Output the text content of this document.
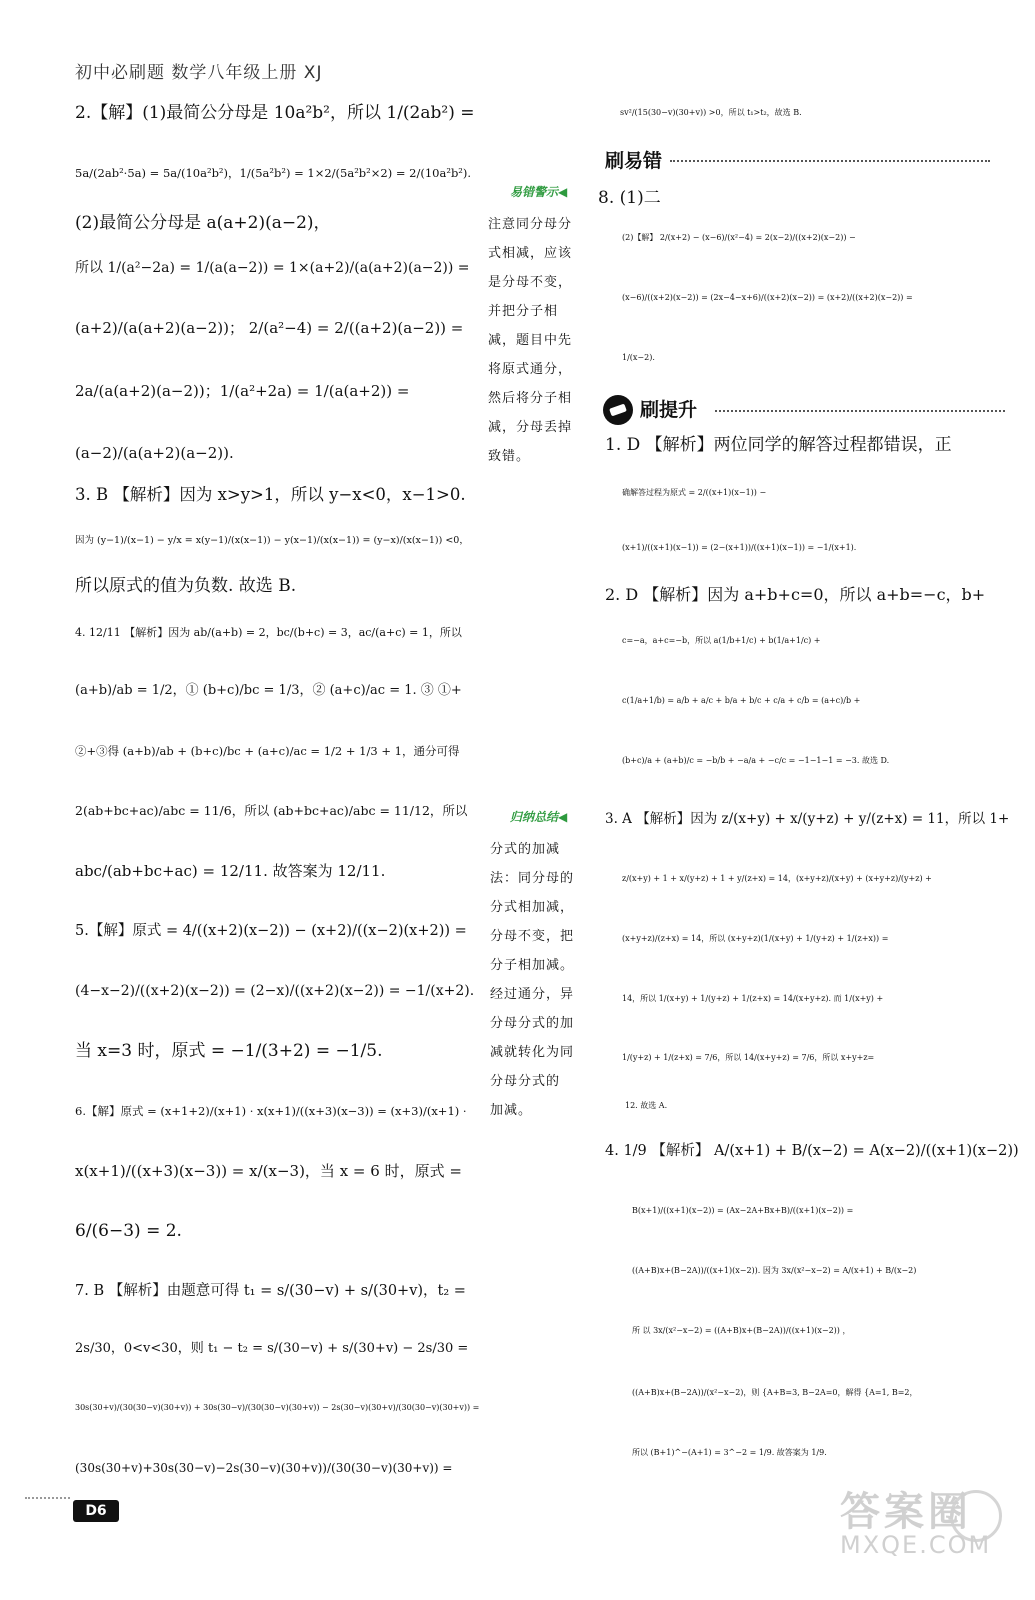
初中必刷题 数学八年级上册 XJ
2.【解】(1)最简公分母是 10a²b²，所以 1/(2ab²) =
5a/(2ab²·5a) = 5a/(10a²b²)，1/(5a²b²) = 1×2/(5a²b²×2) = 2/(10a²b²).
(2)最简公分母是 a(a+2)(a−2)，
所以 1/(a²−2a) = 1/(a(a−2)) = 1×(a+2)/(a(a+2)(a−2)) =
(a+2)/(a(a+2)(a−2))； 2/(a²−4) = 2/((a+2)(a−2)) =
2a/(a(a+2)(a−2))；1/(a²+2a) = 1/(a(a+2)) =
(a−2)/(a(a+2)(a−2)).
3. B 【解析】因为 x>y>1，所以 y−x<0，x−1>0.
因为 (y−1)/(x−1) − y/x = x(y−1)/(x(x−1)) − y(x−1)/(x(x−1)) = (y−x)/(x(x−1)) <0，
所以原式的值为负数. 故选 B.
4. 12/11 【解析】因为 ab/(a+b) = 2，bc/(b+c) = 3，ac/(a+c) = 1，所以
(a+b)/ab = 1/2，① (b+c)/bc = 1/3，② (a+c)/ac = 1. ③ ①+
②+③得 (a+b)/ab + (b+c)/bc + (a+c)/ac = 1/2 + 1/3 + 1，通分可得
2(ab+bc+ac)/abc = 11/6，所以 (ab+bc+ac)/abc = 11/12，所以
abc/(ab+bc+ac) = 12/11. 故答案为 12/11.
5.【解】原式 = 4/((x+2)(x−2)) − (x+2)/((x−2)(x+2)) =
(4−x−2)/((x+2)(x−2)) = (2−x)/((x+2)(x−2)) = −1/(x+2).
当 x=3 时，原式 = −1/(3+2) = −1/5.
6.【解】原式 = (x+1+2)/(x+1) · x(x+1)/((x+3)(x−3)) = (x+3)/(x+1) ·
x(x+1)/((x+3)(x−3)) = x/(x−3)，当 x = 6 时，原式 =
6/(6−3) = 2.
7. B 【解析】由题意可得 t₁ = s/(30−v) + s/(30+v)，t₂ =
2s/30，0<v<30，则 t₁ − t₂ = s/(30−v) + s/(30+v) − 2s/30 =
30s(30+v)/(30(30−v)(30+v)) + 30s(30−v)/(30(30−v)(30+v)) − 2s(30−v)(30+v)/(30(30−v)(30+v)) =
(30s(30+v)+30s(30−v)−2s(30−v)(30+v))/(30(30−v)(30+v)) =
易错警示◀
注意同分母分
式相减，应该
是分母不变，
并把分子相
减，题目中先
将原式通分，
然后将分子相
减，分母丢掉
致错。
归纳总结◀
分式的加减
法：同分母的
分式相加减，
分母不变，把
分子相加减。
经过通分，异
分母分式的加
减就转化为同
分母分式的
加减。
sv²/(15(30−v)(30+v)) >0，所以 t₁>t₂，故选 B.
刷易错
8. (1)二
(2)【解】 2/(x+2) − (x−6)/(x²−4) = 2(x−2)/((x+2)(x−2)) −
(x−6)/((x+2)(x−2)) = (2x−4−x+6)/((x+2)(x−2)) = (x+2)/((x+2)(x−2)) =
1/(x−2).
刷提升
1. D 【解析】两位同学的解答过程都错误，正
确解答过程为原式 = 2/((x+1)(x−1)) −
(x+1)/((x+1)(x−1)) = (2−(x+1))/((x+1)(x−1)) = −1/(x+1).
2. D 【解析】因为 a+b+c=0，所以 a+b=−c，b+
c=−a，a+c=−b，所以 a(1/b+1/c) + b(1/a+1/c) +
c(1/a+1/b) = a/b + a/c + b/a + b/c + c/a + c/b = (a+c)/b +
(b+c)/a + (a+b)/c = −b/b + −a/a + −c/c = −1−1−1 = −3. 故选 D.
3. A 【解析】因为 z/(x+y) + x/(y+z) + y/(z+x) = 11，所以 1+
z/(x+y) + 1 + x/(y+z) + 1 + y/(z+x) = 14，(x+y+z)/(x+y) + (x+y+z)/(y+z) +
(x+y+z)/(z+x) = 14，所以 (x+y+z)(1/(x+y) + 1/(y+z) + 1/(z+x)) =
14，所以 1/(x+y) + 1/(y+z) + 1/(z+x) = 14/(x+y+z). 而 1/(x+y) +
1/(y+z) + 1/(z+x) = 7/6，所以 14/(x+y+z) = 7/6，所以 x+y+z=
12. 故选 A.
4. 1/9 【解析】 A/(x+1) + B/(x−2) = A(x−2)/((x+1)(x−2))
B(x+1)/((x+1)(x−2)) = (Ax−2A+Bx+B)/((x+1)(x−2)) =
((A+B)x+(B−2A))/((x+1)(x−2)). 因为 3x/(x²−x−2) = A/(x+1) + B/(x−2)
所 以 3x/(x²−x−2) = ((A+B)x+(B−2A))/((x+1)(x−2)) ，
((A+B)x+(B−2A))/(x²−x−2)，则 {A+B=3, B−2A=0，解得 {A=1, B=2，
所以 (B+1)^−(A+1) = 3^−2 = 1/9. 故答案为 1/9.
D6	答案圈
MXQE.COM
